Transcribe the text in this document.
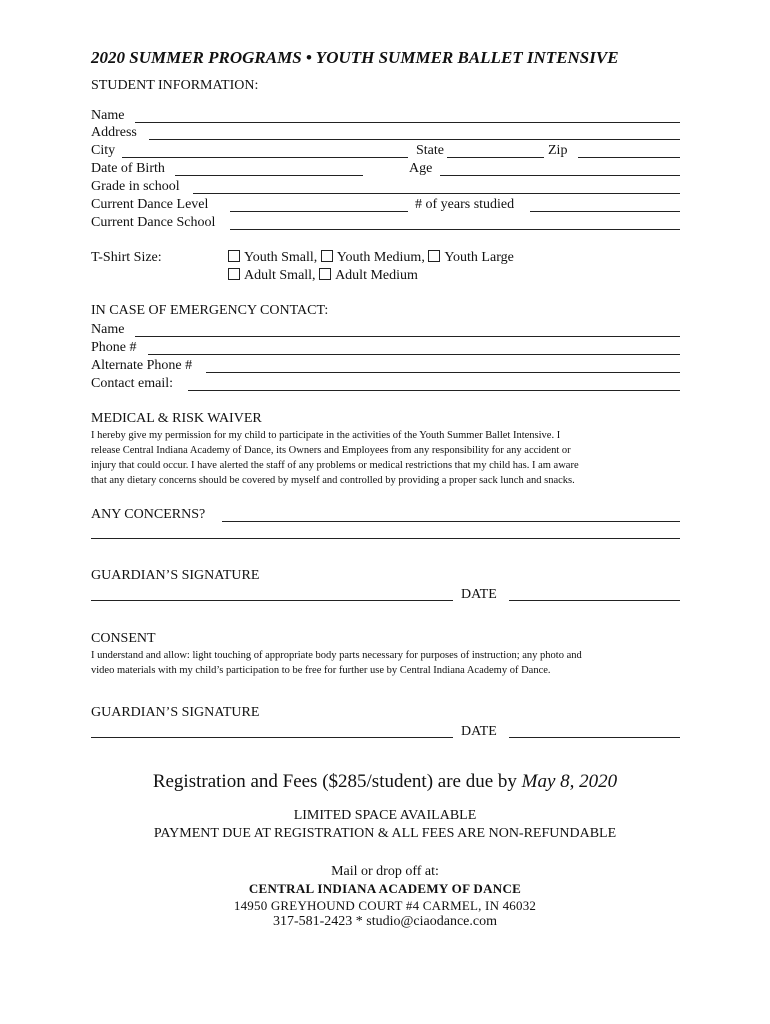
2020 SUMMER PROGRAMS • YOUTH SUMMER BALLET INTENSIVE
STUDENT INFORMATION:
Name
Address
City	State	Zip
Date of Birth	Age
Grade in school
Current Dance Level	# of years studied
Current Dance School
T-Shirt Size:	Youth Small, Youth Medium, Youth Large
Adult Small, Adult Medium
IN CASE OF EMERGENCY CONTACT:
Name
Phone #
Alternate Phone #
Contact email:
MEDICAL & RISK WAIVER
I hereby give my permission for my child to participate in the activities of the Youth Summer Ballet Intensive. I
release Central Indiana Academy of Dance, its Owners and Employees from any responsibility for any accident or
injury that could occur. I have alerted the staff of any problems or medical restrictions that my child has. I am aware
that any dietary concerns should be covered by myself and controlled by providing a proper sack lunch and snacks.
ANY CONCERNS?
GUARDIAN’S SIGNATURE
DATE
CONSENT
I understand and allow: light touching of appropriate body parts necessary for purposes of instruction; any photo and
video materials with my child’s participation to be free for further use by Central Indiana Academy of Dance.
GUARDIAN’S SIGNATURE
DATE
Registration and Fees ($285/student) are due by May 8, 2020
LIMITED SPACE AVAILABLE
PAYMENT DUE AT REGISTRATION & ALL FEES ARE NON-REFUNDABLE
Mail or drop off at:
CENTRAL INDIANA ACADEMY OF DANCE
14950 GREYHOUND COURT #4 CARMEL, IN 46032
317-581-2423 * studio@ciaodance.com
